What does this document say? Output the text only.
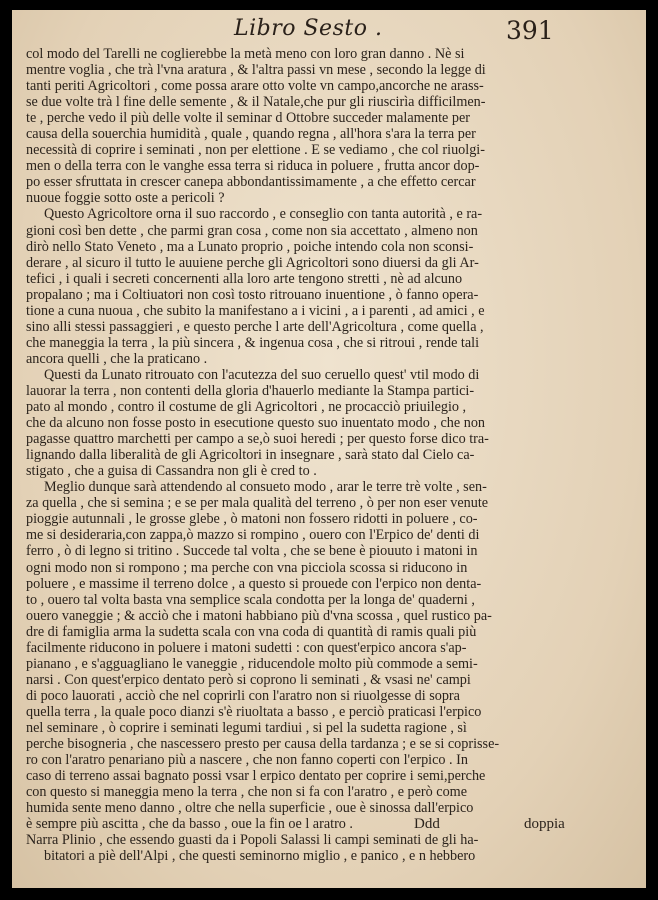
Libro Sesto .	391
col modo del Tarelli ne coglierebbe la metà meno con loro gran danno . Nè si
mentre voglia , che trà l'vna aratura , & l'altra passi vn mese , secondo la legge di
tanti periti Agricoltori , come possa arare otto volte vn campo,ancorche ne arass-
se due volte trà l fine delle semente , & il Natale,che pur gli riuscirìa difficilmen-
te , perche vedo il più delle volte il seminar d Ottobre succeder malamente per
causa della souerchia humidità , quale , quando regna , all'hora s'ara la terra per
necessità di coprire i seminati , non per elettione . E se vediamo , che col riuolgi-
men o della terra con le vanghe essa terra si riduca in poluere , frutta ancor dop-
po esser sfruttata in crescer canepa abbondantissimamente , a che effetto cercar
nuoue foggie sotto oste a pericoli ?
Questo Agricoltore orna il suo raccordo , e conseglio con tanta autorità , e ra-
gioni così ben dette , che parmi gran cosa , come non sia accettato , almeno non
dirò nello Stato Veneto , ma a Lunato proprio , poiche intendo cola non sconsi-
derare , al sicuro il tutto le auuiene perche gli Agricoltori sono diuersi da gli Ar-
tefici , i quali i secreti concernenti alla loro arte tengono stretti , nè ad alcuno
propalano ; ma i Coltiuatori non così tosto ritrouano inuentione , ò fanno opera-
tione a cuna nuoua , che subito la manifestano a i vicini , a i parenti , ad amici , e
sino alli stessi passaggieri , e questo perche l arte dell'Agricoltura , come quella ,
che maneggia la terra , la più sincera , & ingenua cosa , che si ritroui , rende tali
ancora quelli , che la praticano .
Questi da Lunato ritrouato con l'acutezza del suo ceruello quest' vtil modo di
lauorar la terra , non contenti della gloria d'hauerlo mediante la Stampa partici-
pato al mondo , contro il costume de gli Agricoltori , ne procacciò priuilegio ,
che da alcuno non fosse posto in esecutione questo suo inuentato modo , che non
pagasse quattro marchetti per campo a se,ò suoi heredi ; per questo forse dico tra-
lignando dalla liberalità de gli Agricoltori in insegnare , sarà stato dal Cielo ca-
stigato , che a guisa di Cassandra non gli è cred to .
Meglio dunque sarà attendendo al consueto modo , arar le terre trè volte , sen-
za quella , che si semina ; e se per mala qualità del terreno , ò per non eser venute
pioggie autunnali , le grosse glebe , ò matoni non fossero ridotti in poluere , co-
me si desideraria,con zappa,ò mazzo si rompino , ouero con l'Erpico de' denti di
ferro , ò di legno si tritino . Succede tal volta , che se bene è piouuto i matoni in
ogni modo non si rompono ; ma perche con vna picciola scossa si riducono in
poluere , e massime il terreno dolce , a questo si prouede con l'erpico non denta-
to , ouero tal volta basta vna semplice scala condotta per la longa de' quaderni ,
ouero vaneggie ; & acciò che i matoni habbiano più d'vna scossa , quel rustico pa-
dre di famiglia arma la sudetta scala con vna coda di quantità di ramis quali più
facilmente riducono in poluere i matoni sudetti : con quest'erpico ancora s'ap-
pianano , e s'agguagliano le vaneggie , riducendole molto più commode a semi-
narsi . Con quest'erpico dentato però si coprono li seminati , & vsasi ne' campi
di poco lauorati , acciò che nel coprirli con l'aratro non si riuolgesse di sopra
quella terra , la quale poco dianzi s'è riuoltata a basso , e perciò praticasi l'erpico
nel seminare , ò coprire i seminati legumi tardiui , si pel la sudetta ragione , sì
perche bisogneria , che nascessero presto per causa della tardanza ; e se si coprisse-
ro con l'aratro penariano più a nascere , che non fanno coperti con l'erpico . In
caso di terreno assai bagnato possi vsar l erpico dentato per coprire i semi,perche
con questo si maneggia meno la terra , che non si fa con l'aratro , e però come
humida sente meno danno , oltre che nella superficie , oue è sinossa dall'erpico
è sempre più ascitta , che da basso , oue la fin oe l aratro .
Narra Plinio , che essendo guasti da i Popoli Salassi li campi seminati de gli ha-
bitatori a piè dell'Alpi , che questi seminorno miglio , e panico , e n hebbero
Ddd	doppia
